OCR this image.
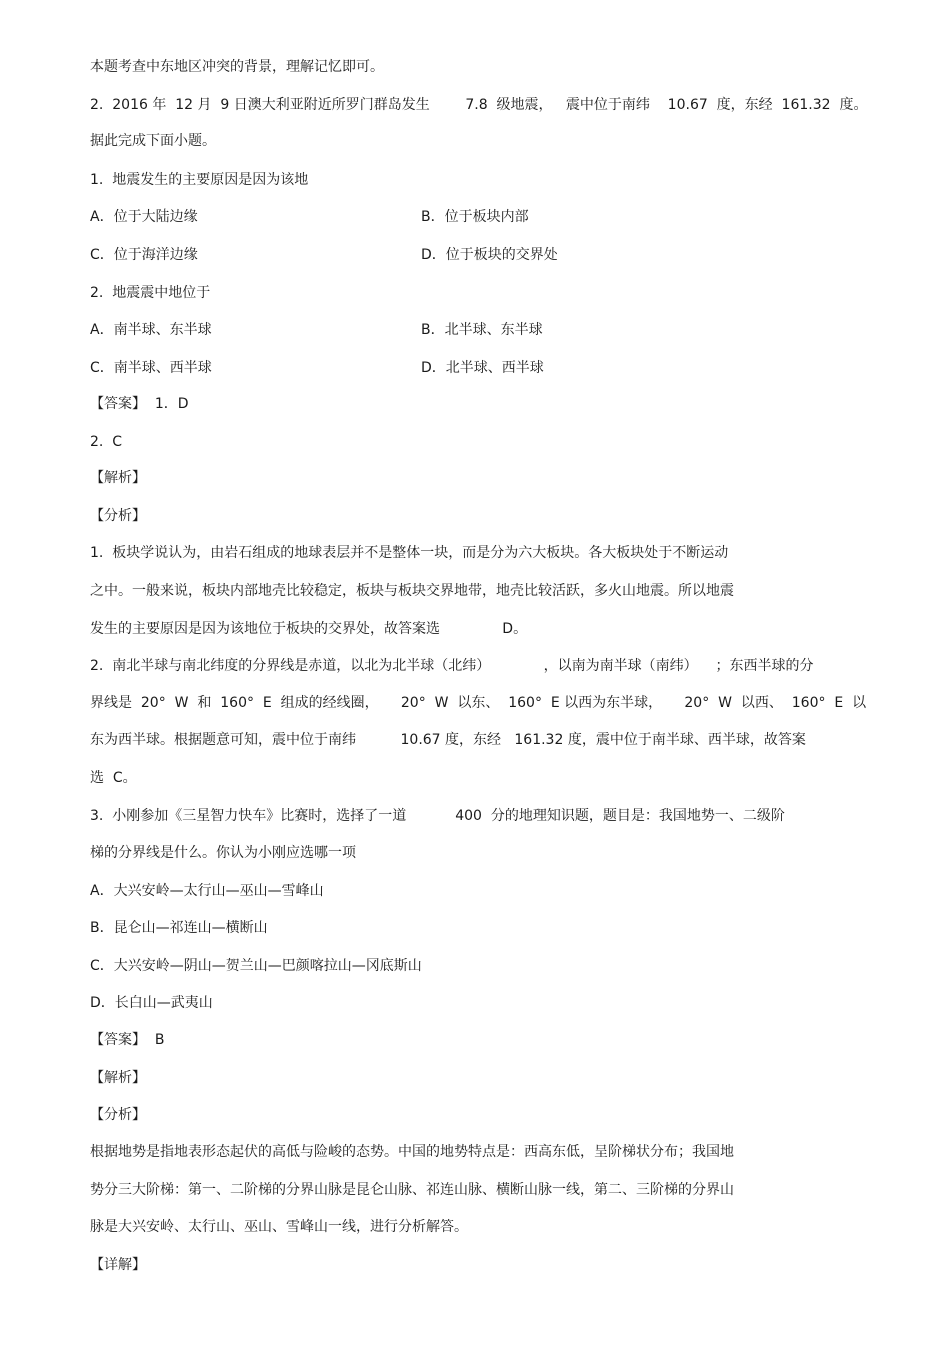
本题考查中东地区冲突的背景，理解记忆即可。

2.  2016 年  12 月  9 日澳大利亚附近所罗门群岛发生        7.8  级地震，   震中位于南纬    10.67  度，东经  161.32  度。

据此完成下面小题。

1.  地震发生的主要原因是因为该地

A．位于大陆边缘	B．位于板块内部

C．位于海洋边缘	D．位于板块的交界处

2.  地震震中地位于

A．南半球、东半球	B．北半球、东半球

C．南半球、西半球	D．北半球、西半球

【答案】  1．D

2.  C

【解析】

【分析】

1.  板块学说认为，由岩石组成的地球表层并不是整体一块，而是分为六大板块。各大板块处于不断运动

之中。一般来说，板块内部地壳比较稳定，板块与板块交界地带，地壳比较活跃，多火山地震。所以地震

发生的主要原因是因为该地位于板块的交界处，故答案选              D。

2.  南北半球与南北纬度的分界线是赤道，以北为北半球（北纬）            ，以南为南半球（南纬）    ；东西半球的分

界线是  20°  W  和  160°  E  组成的经线圈，     20°  W  以东、  160°  E 以西为东半球，     20°  W  以西、  160°  E  以

东为西半球。根据题意可知，震中位于南纬          10.67 度，东经   161.32 度，震中位于南半球、西半球，故答案

选  C。

3.  小刚参加《三星智力快车》比赛时，选择了一道           400  分的地理知识题，题目是：我国地势一、二级阶

梯的分界线是什么。你认为小刚应选哪一项

A．大兴安岭—太行山—巫山—雪峰山

B．昆仑山—祁连山—横断山

C．大兴安岭—阴山—贺兰山—巴颜喀拉山—冈底斯山

D．长白山—武夷山

【答案】  B

【解析】

【分析】

根据地势是指地表形态起伏的高低与险峻的态势。中国的地势特点是：西高东低，呈阶梯状分布；我国地

势分三大阶梯：第一、二阶梯的分界山脉是昆仑山脉、祁连山脉、横断山脉一线，第二、三阶梯的分界山

脉是大兴安岭、太行山、巫山、雪峰山一线，进行分析解答。

【详解】
